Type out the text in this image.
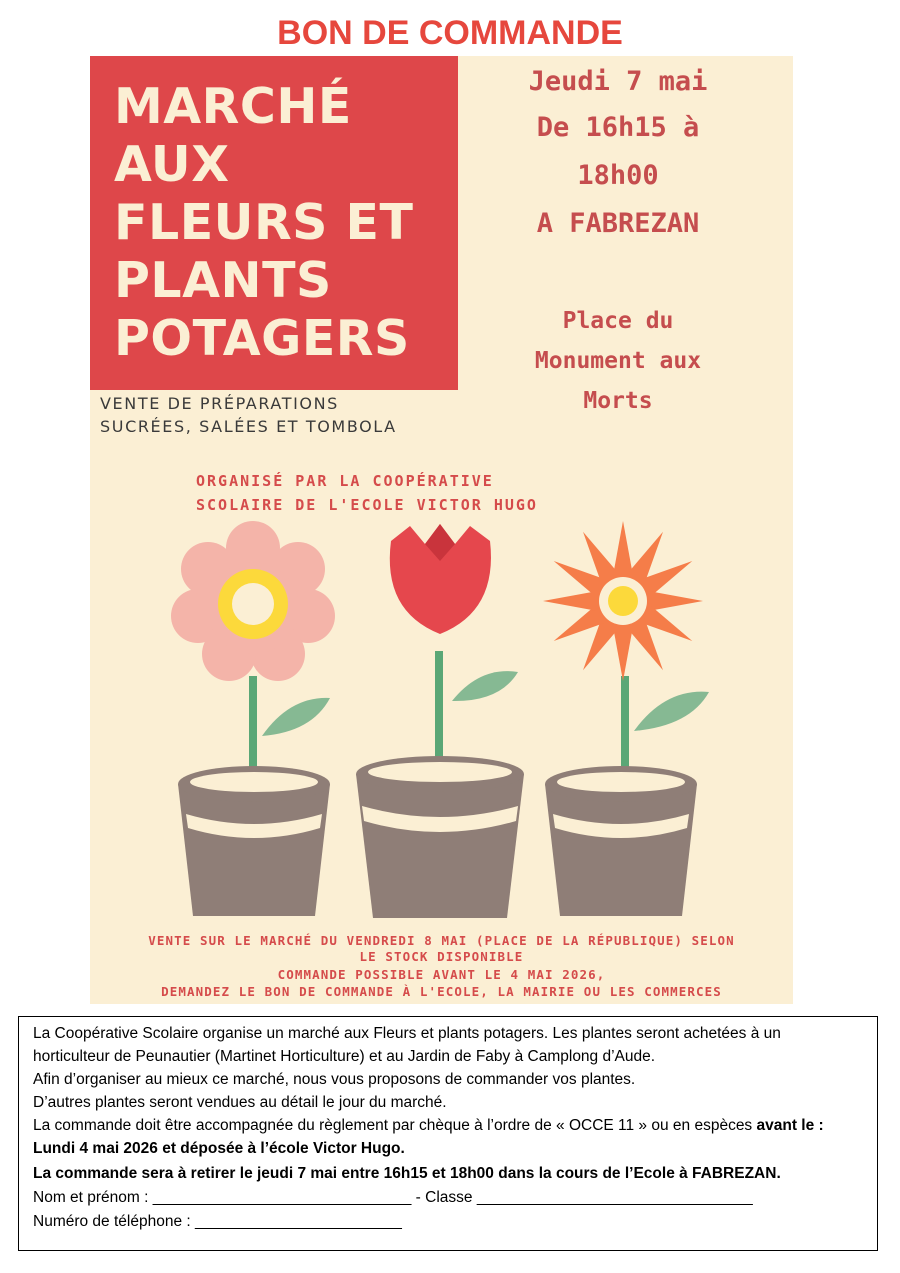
BON DE COMMANDE
MARCHÉ
AUX
FLEURS ET
PLANTS
POTAGERS
VENTE DE PRÉPARATIONS
SUCRÉES, SALÉES ET TOMBOLA
Jeudi 7 mai
De 16h15 à
18h00
A FABREZAN
Place du
Monument aux
Morts
ORGANISÉ PAR LA COOPÉRATIVE
SCOLAIRE DE L'ECOLE VICTOR HUGO
VENTE SUR LE MARCHÉ DU VENDREDI 8 MAI (PLACE DE LA RÉPUBLIQUE) SELON
LE STOCK DISPONIBLE
COMMANDE POSSIBLE AVANT LE 4 MAI 2026,
DEMANDEZ LE BON DE COMMANDE À L'ECOLE, LA MAIRIE OU LES COMMERCES
La Coopérative Scolaire organise un marché aux Fleurs et plants potagers. Les plantes seront achetées à un
horticulteur de Peunautier (Martinet Horticulture) et au Jardin de Faby à Camplong d’Aude.
Afin d’organiser au mieux ce marché, nous vous proposons de commander vos plantes.
D’autres plantes seront vendues au détail le jour du marché.
La commande doit être accompagnée du règlement par chèque à l’ordre de « OCCE 11 » ou en espèces avant le :
Lundi 4 mai 2026 et déposée à l’école Victor Hugo.
La commande sera à retirer le jeudi 7 mai entre 16h15 et 18h00 dans la cours de l’Ecole à FABREZAN.
Nom et prénom : ______________________________ - Classe ________________________________
Numéro de téléphone : ________________________
